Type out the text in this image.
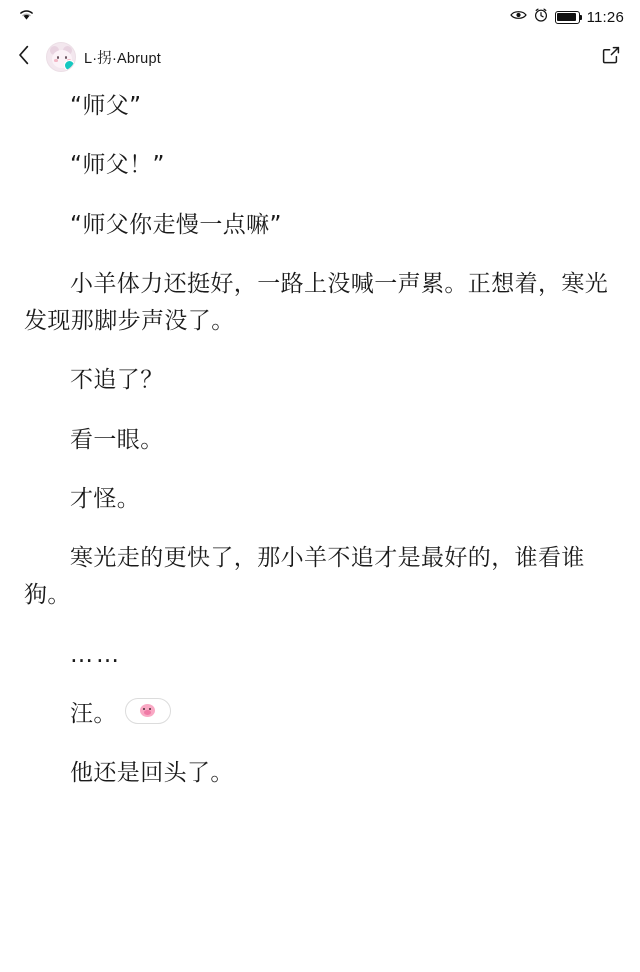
11:26
L·拐·Abrupt

“师父”

“师父！”

“师父你走慢一点嘛”

小羊体力还挺好，一路上没喊一声累。正想着，寒光发现那脚步声没了。

不追了？

看一眼。

才怪。

寒光走的更快了，那小羊不追才是最好的，谁看谁狗。

……

汪。

他还是回头了。
